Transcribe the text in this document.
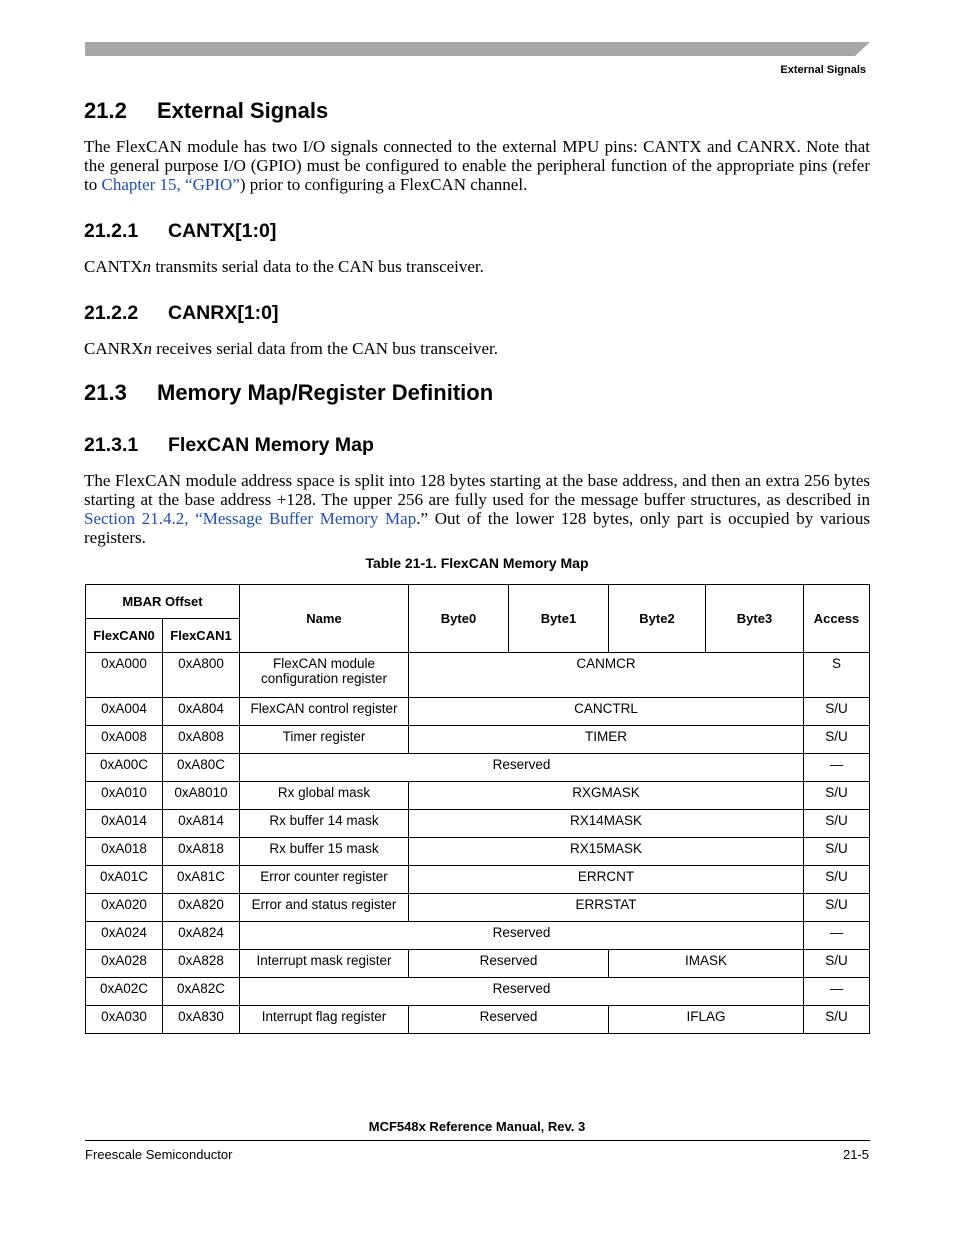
External Signals
21.2 External Signals

The FlexCAN module has two I/O signals connected to the external MPU pins: CANTX and CANRX. Note that the general purpose I/O (GPIO) must be configured to enable the peripheral function of the appropriate pins (refer to Chapter 15, “GPIO”) prior to configuring a FlexCAN channel.

21.2.1 CANTX[1:0]

CANTXn transmits serial data to the CAN bus transceiver.

21.2.2 CANRX[1:0]

CANRXn receives serial data from the CAN bus transceiver.

21.3 Memory Map/Register Definition
21.3.1 FlexCAN Memory Map

The FlexCAN module address space is split into 128 bytes starting at the base address, and then an extra 256 bytes starting at the base address +128. The upper 256 are fully used for the message buffer structures, as described in Section 21.4.2, “Message Buffer Memory Map.” Out of the lower 128 bytes, only part is occupied by various registers.

Table 21-1. FlexCAN Memory Map
MBAR Offset		Name	Byte0	Byte1	Byte2	Byte3	Access
FlexCAN0	FlexCAN1						
0xA000	0xA800	FlexCAN module configuration register	CANMCR				S
0xA004	0xA804	FlexCAN control register	CANCTRL				S/U
0xA008	0xA808	Timer register	TIMER				S/U
0xA00C	0xA80C	Reserved					—
0xA010	0xA8010	Rx global mask	RXGMASK				S/U
0xA014	0xA814	Rx buffer 14 mask	RX14MASK				S/U
0xA018	0xA818	Rx buffer 15 mask	RX15MASK				S/U
0xA01C	0xA81C	Error counter register	ERRCNT				S/U
0xA020	0xA820	Error and status register	ERRSTAT				S/U
0xA024	0xA824	Reserved					—
0xA028	0xA828	Interrupt mask register	Reserved		IMASK		S/U
0xA02C	0xA82C	Reserved					—
0xA030	0xA830	Interrupt flag register	Reserved		IFLAG		S/U
MCF548x Reference Manual, Rev. 3
Freescale Semiconductor	21-5
